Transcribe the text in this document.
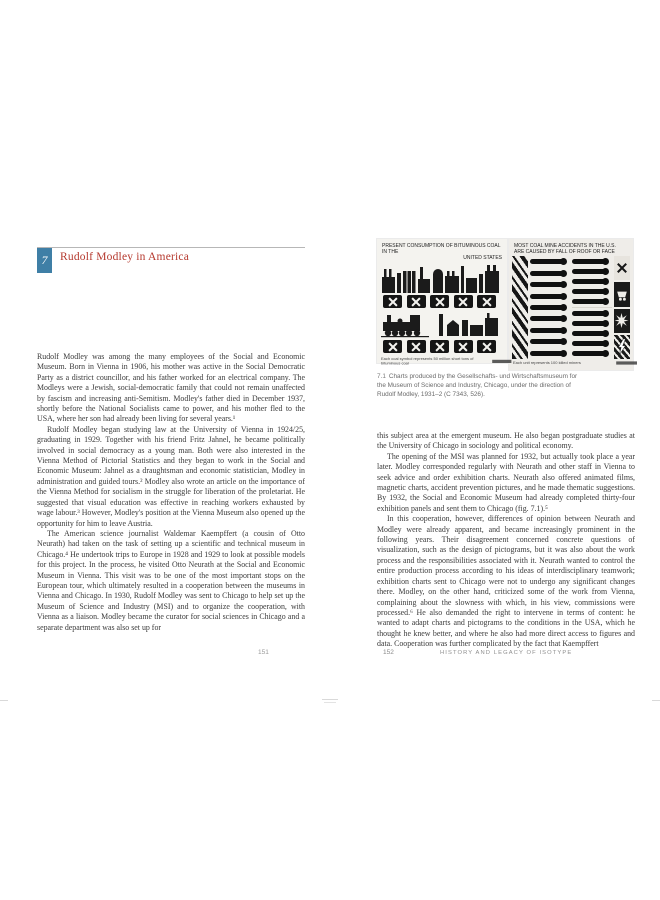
7	Rudolf Modley in America

Rudolf Modley was among the many employees of the Social and Economic Museum. Born in Vienna in 1906, his mother was active in the Social Democratic Party as a district councillor, and his father worked for an electrical company. The Modleys were a Jewish, social-democratic family that could not remain unaffected by fascism and increasing anti-Semitism. Modley's father died in December 1937, shortly before the National Socialists came to power, and his mother fled to the USA, where her son had already been living for several years.¹

Rudolf Modley began studying law at the University of Vienna in 1924/25, graduating in 1929. Together with his friend Fritz Jahnel, he became politically involved in social democracy as a young man. Both were also interested in the Vienna Method of Pictorial Statistics and they began to work in the Social and Economic Museum: Jahnel as a draughtsman and economic statistician, Modley in administration and guided tours.² Modley also wrote an article on the importance of the Vienna Method for socialism in the struggle for liberation of the proletariat. He suggested that visual education was effective in reaching workers exhausted by wage labour.³ However, Modley's position at the Vienna Museum also opened up the opportunity for him to leave Austria.

The American science journalist Waldemar Kaempffert (a cousin of Otto Neurath) had taken on the task of setting up a scientific and technical museum in Chicago.⁴ He undertook trips to Europe in 1928 and 1929 to look at possible models for this project. In the process, he visited Otto Neurath at the Social and Economic Museum in Vienna. This visit was to be one of the most important stops on the European tour, which ultimately resulted in a cooperation between the museums in Vienna and Chicago. In 1930, Rudolf Modley was sent to Chicago to help set up the Museum of Science and Industry (MSI) and to organize the cooperation, with Vienna as a liaison. Modley became the curator for social sciences in Chicago and a separate department was also set up for

PRESENT CONSUMPTION OF BITUMINOUS COAL IN THE
UNITED STATES
Each coal symbol represents 50 million short tons of bituminous coal
MOST COAL MINE ACCIDENTS IN THE U.S.
ARE CAUSED BY FALL OF ROOF OR FACE
Each unit represents 100 killed miners
7.1 Charts produced by the Gesellschafts- und Wirtschaftsmuseum for the Museum of Science and Industry, Chicago, under the direction of Rudolf Modley, 1931–2 (C 7343, 526).

this subject area at the emergent museum. He also began postgraduate studies at the University of Chicago in sociology and political economy.

The opening of the MSI was planned for 1932, but actually took place a year later. Modley corresponded regularly with Neurath and other staff in Vienna to seek advice and order exhibition charts. Neurath also offered animated films, magnetic charts, accident prevention pictures, and he made thematic suggestions. By 1932, the Social and Economic Museum had already completed thirty-four exhibition panels and sent them to Chicago (fig. 7.1).⁵

In this cooperation, however, differences of opinion between Neurath and Modley were already apparent, and became increasingly prominent in the following years. Their disagreement concerned concrete questions of visualization, such as the design of pictograms, but it was also about the work process and the responsibilities associated with it. Neurath wanted to control the entire production process according to his ideas of interdisciplinary teamwork; exhibition charts sent to Chicago were not to undergo any significant changes there. Modley, on the other hand, criticized some of the work from Vienna, complaining about the slowness with which, in his view, commissions were processed.⁶ He also demanded the right to intervene in terms of content: he wanted to adapt charts and pictograms to the conditions in the USA, which he thought he knew better, and where he also had more direct access to figures and data. Cooperation was further complicated by the fact that Kaempffert

151	152	HISTORY AND LEGACY OF ISOTYPE
